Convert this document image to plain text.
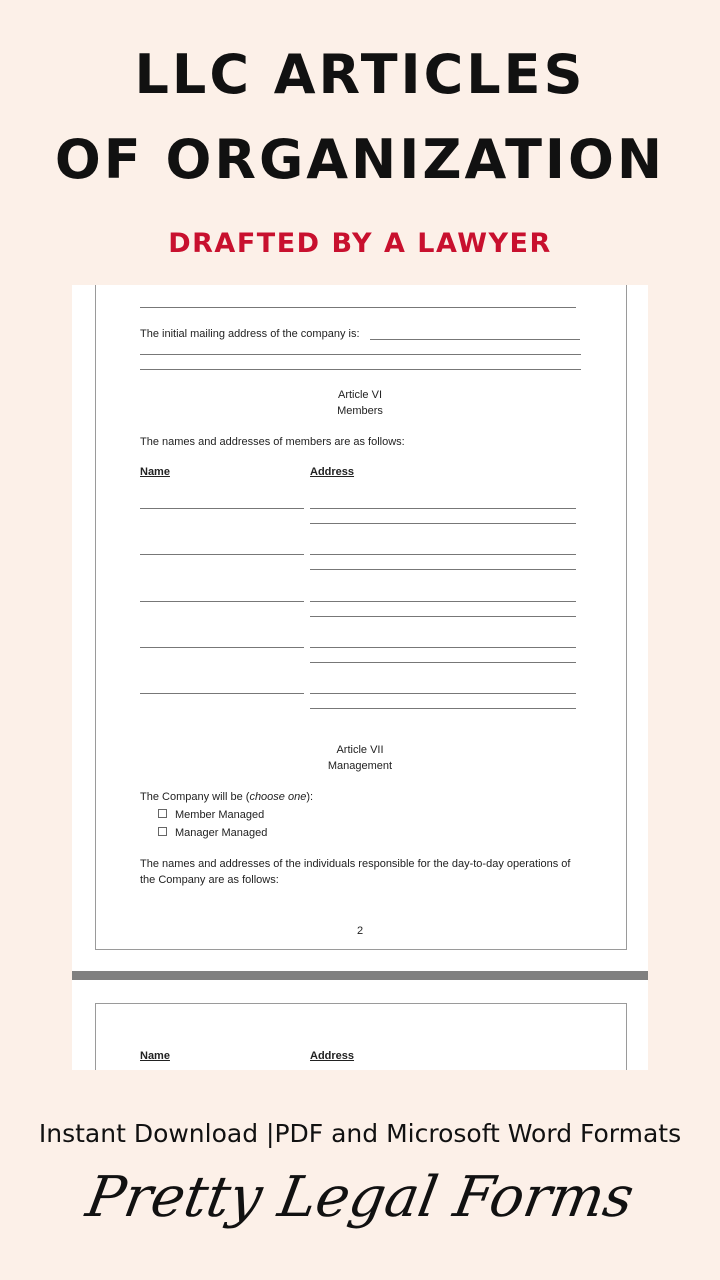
LLC ARTICLES
OF ORGANIZATION
DRAFTED BY A LAWYER
The initial mailing address of the company is:
Article VI
Members
The names and addresses of members are as follows:
Name	Address
Article VII
Management
The Company will be (choose one):
Member Managed
Manager Managed
The names and addresses of the individuals responsible for the day-to-day operations of
the Company are as follows:
2
Name	Address
Instant Download |PDF and Microsoft Word Formats
Pretty Legal Forms
